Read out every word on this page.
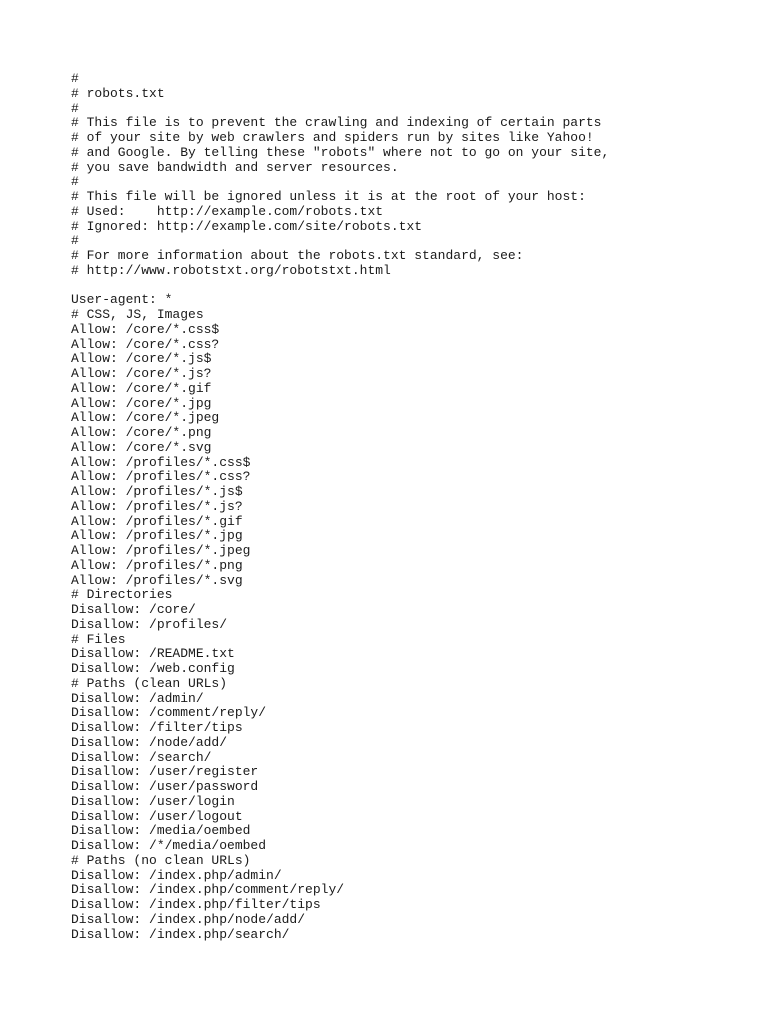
#
# robots.txt
#
# This file is to prevent the crawling and indexing of certain parts
# of your site by web crawlers and spiders run by sites like Yahoo!
# and Google. By telling these "robots" where not to go on your site,
# you save bandwidth and server resources.
#
# This file will be ignored unless it is at the root of your host:
# Used:    http://example.com/robots.txt
# Ignored: http://example.com/site/robots.txt
#
# For more information about the robots.txt standard, see:
# http://www.robotstxt.org/robotstxt.html
User-agent: *
# CSS, JS, Images
Allow: /core/*.css$
Allow: /core/*.css?
Allow: /core/*.js$
Allow: /core/*.js?
Allow: /core/*.gif
Allow: /core/*.jpg
Allow: /core/*.jpeg
Allow: /core/*.png
Allow: /core/*.svg
Allow: /profiles/*.css$
Allow: /profiles/*.css?
Allow: /profiles/*.js$
Allow: /profiles/*.js?
Allow: /profiles/*.gif
Allow: /profiles/*.jpg
Allow: /profiles/*.jpeg
Allow: /profiles/*.png
Allow: /profiles/*.svg
# Directories
Disallow: /core/
Disallow: /profiles/
# Files
Disallow: /README.txt
Disallow: /web.config
# Paths (clean URLs)
Disallow: /admin/
Disallow: /comment/reply/
Disallow: /filter/tips
Disallow: /node/add/
Disallow: /search/
Disallow: /user/register
Disallow: /user/password
Disallow: /user/login
Disallow: /user/logout
Disallow: /media/oembed
Disallow: /*/media/oembed
# Paths (no clean URLs)
Disallow: /index.php/admin/
Disallow: /index.php/comment/reply/
Disallow: /index.php/filter/tips
Disallow: /index.php/node/add/
Disallow: /index.php/search/
